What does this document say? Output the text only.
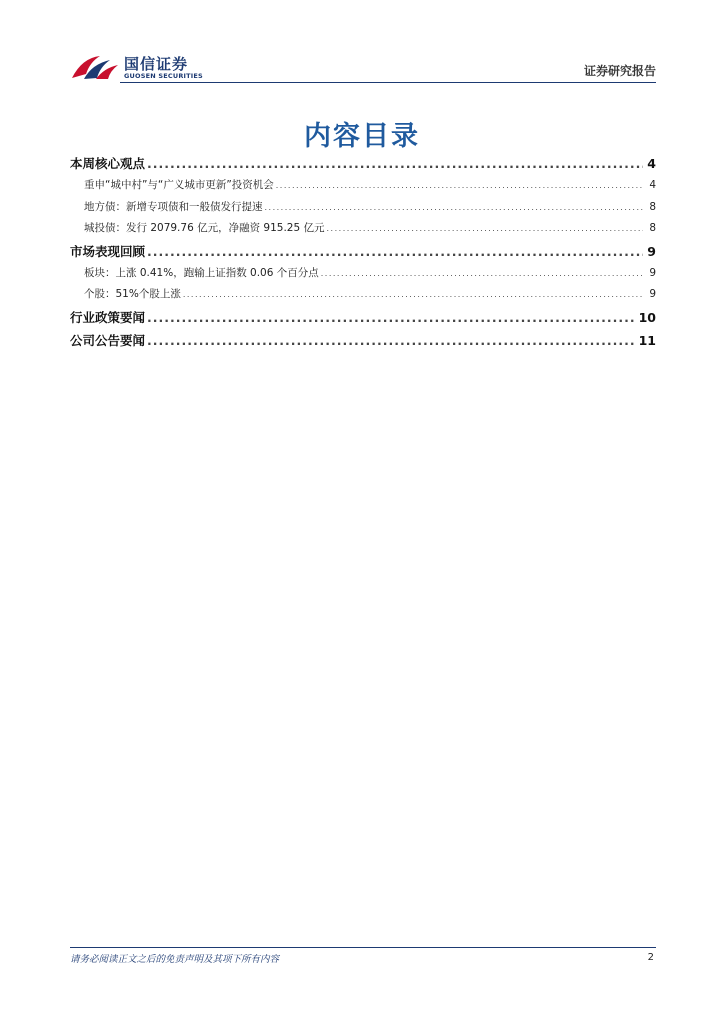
国信证券
GUOSEN SECURITIES	证券研究报告
内容目录
本周核心观点 .....	4
重申“城中村”与“广义城市更新”投资机会 .....	4
地方债：新增专项债和一般债发行提速 .....	8
城投债：发行 2079.76 亿元，净融资 915.25 亿元 .....	8
市场表现回顾 .....	9
板块：上涨 0.41%，跑输上证指数 0.06 个百分点 .....	9
个股：51%个股上涨 .....	9
行业政策要闻 .....	10
公司公告要闻 .....	11
请务必阅读正文之后的免责声明及其项下所有内容	2
